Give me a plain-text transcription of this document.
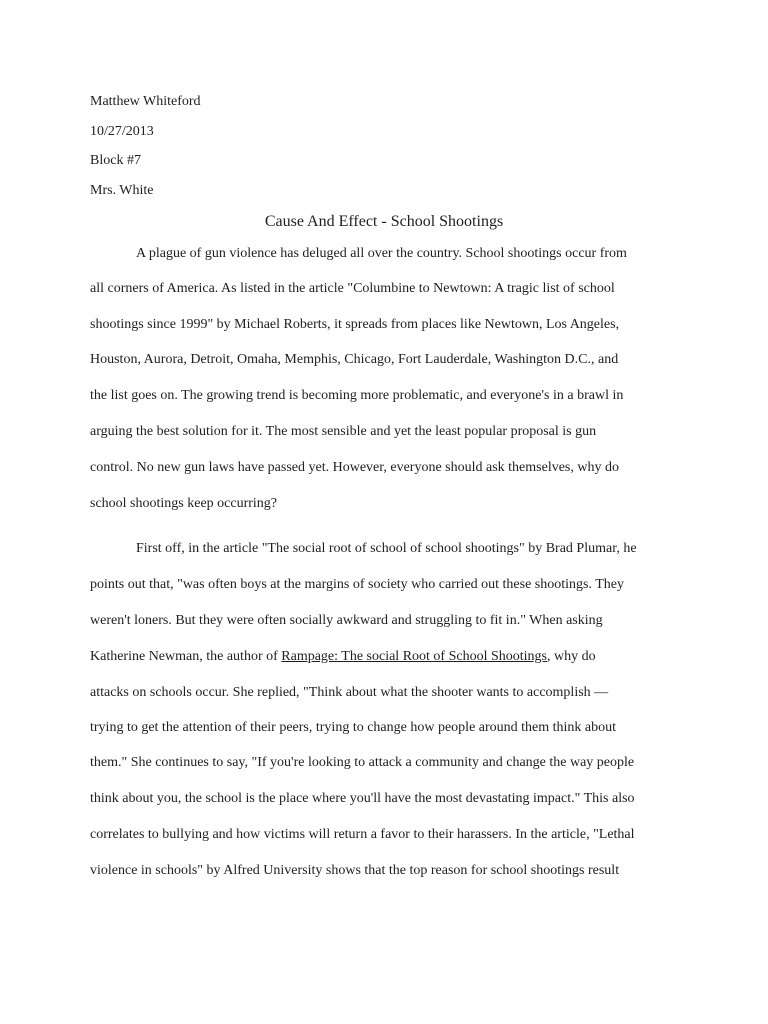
Matthew Whiteford
10/27/2013
Block #7
Mrs. White
Cause And Effect - School Shootings
A plague of gun violence has deluged all over the country. School shootings occur from
all corners of America. As listed in the article "Columbine to Newtown: A tragic list of school
shootings since 1999" by Michael Roberts, it spreads from places like Newtown, Los Angeles,
Houston, Aurora, Detroit, Omaha, Memphis, Chicago, Fort Lauderdale, Washington D.C., and
the list goes on. The growing trend is becoming more problematic, and everyone's in a brawl in
arguing the best solution for it. The most sensible and yet the least popular proposal is gun
control. No new gun laws have passed yet. However, everyone should ask themselves, why do
school shootings keep occurring?
First off, in the article "The social root of school of school shootings" by Brad Plumar, he
points out that, "was often boys at the margins of society who carried out these shootings. They
weren't loners. But they were often socially awkward and struggling to fit in." When asking
Katherine Newman, the author of Rampage: The social Root of School Shootings, why do
attacks on schools occur. She replied, "Think about what the shooter wants to accomplish —
trying to get the attention of their peers, trying to change how people around them think about
them." She continues to say, "If you're looking to attack a community and change the way people
think about you, the school is the place where you'll have the most devastating impact." This also
correlates to bullying and how victims will return a favor to their harassers. In the article, "Lethal
violence in schools" by Alfred University shows that the top reason for school shootings result
